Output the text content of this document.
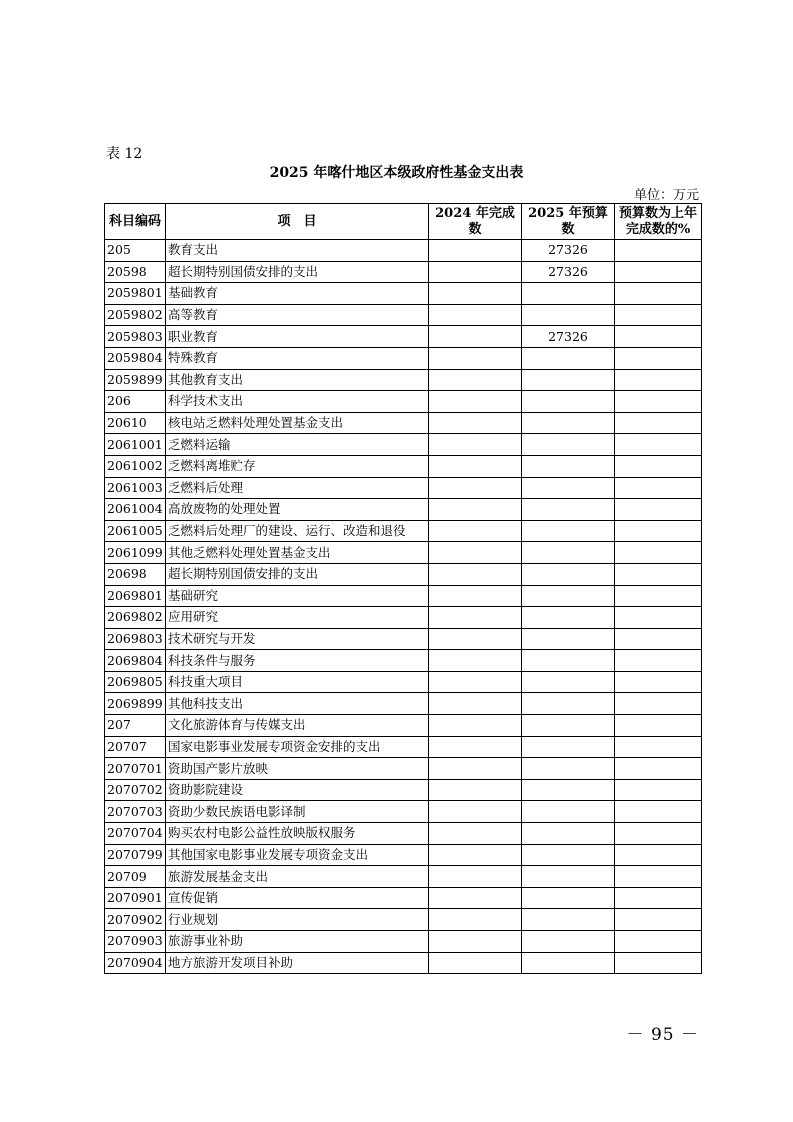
表 12
2025 年喀什地区本级政府性基金支出表
单位：万元
科目编码	项　目	2024 年完成数	2025 年预算数	预算数为上年完成数的%
205	教育支出		27326	
20598	超长期特别国债安排的支出		27326	
2059801	基础教育			
2059802	高等教育			
2059803	职业教育		27326	
2059804	特殊教育			
2059899	其他教育支出			
206	科学技术支出			
20610	核电站乏燃料处理处置基金支出			
2061001	乏燃料运输			
2061002	乏燃料离堆贮存			
2061003	乏燃料后处理			
2061004	高放废物的处理处置			
2061005	乏燃料后处理厂的建设、运行、改造和退役			
2061099	其他乏燃料处理处置基金支出			
20698	超长期特别国债安排的支出			
2069801	基础研究			
2069802	应用研究			
2069803	技术研究与开发			
2069804	科技条件与服务			
2069805	科技重大项目			
2069899	其他科技支出			
207	文化旅游体育与传媒支出			
20707	国家电影事业发展专项资金安排的支出			
2070701	资助国产影片放映			
2070702	资助影院建设			
2070703	资助少数民族语电影译制			
2070704	购买农村电影公益性放映版权服务			
2070799	其他国家电影事业发展专项资金支出			
20709	旅游发展基金支出			
2070901	宣传促销			
2070902	行业规划			
2070903	旅游事业补助			
2070904	地方旅游开发项目补助			
－ 95 －
